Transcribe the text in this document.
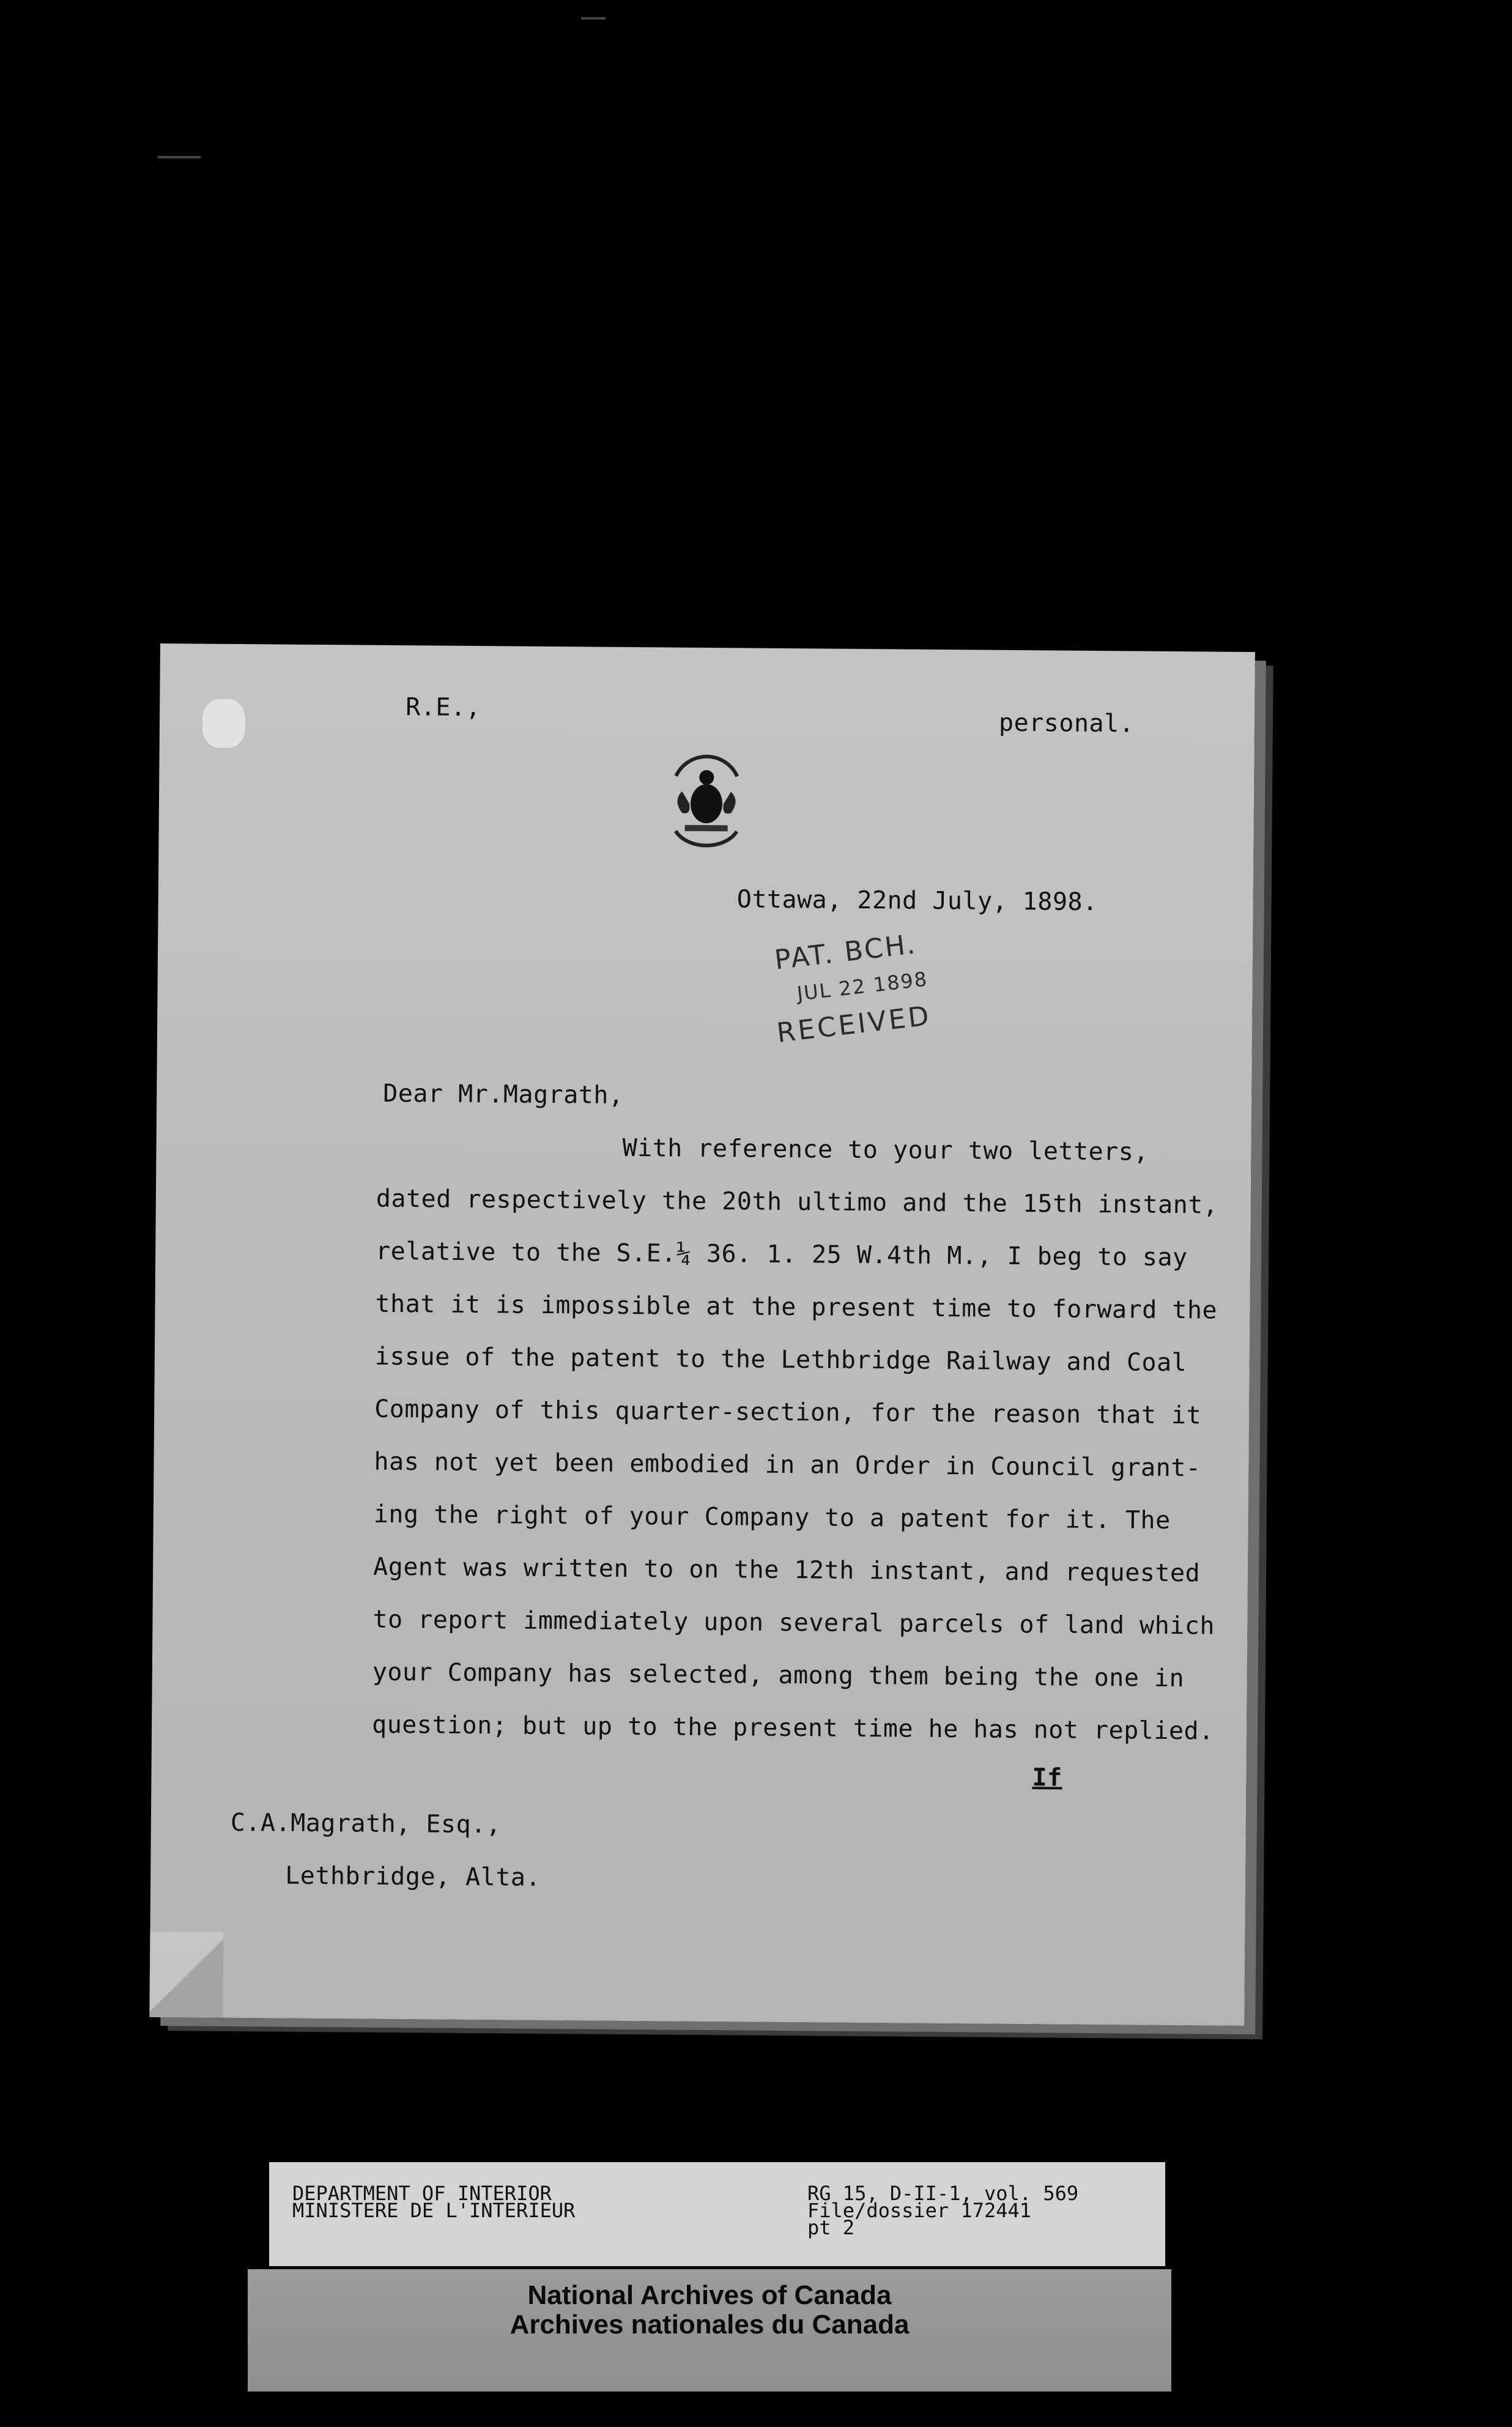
R.E.,
personal.
Ottawa, 22nd July, 1898.
PAT. BCH.
JUL 22 1898
RECEIVED
Dear Mr.Magrath,
With reference to your two letters,
dated respectively the 20th ultimo and the 15th instant,
relative to the S.E.¼ 36. 1. 25 W.4th M., I beg to say
that it is impossible at the present time to forward the
issue of the patent to the Lethbridge Railway and Coal
Company of this quarter-section, for the reason that it
has not yet been embodied in an Order in Council grant-
ing the right of your Company to a patent for it. The
Agent was written to on the 12th instant, and requested
to report immediately upon several parcels of land which
your Company has selected, among them being the one in
question; but up to the present time he has not replied.
If
C.A.Magrath, Esq.,
Lethbridge, Alta.
DEPARTMENT OF INTERIOR
MINISTERE DE L'INTERIEUR
RG 15, D-II-1, vol. 569
File/dossier 172441
pt 2
National Archives of Canada
Archives nationales du Canada
